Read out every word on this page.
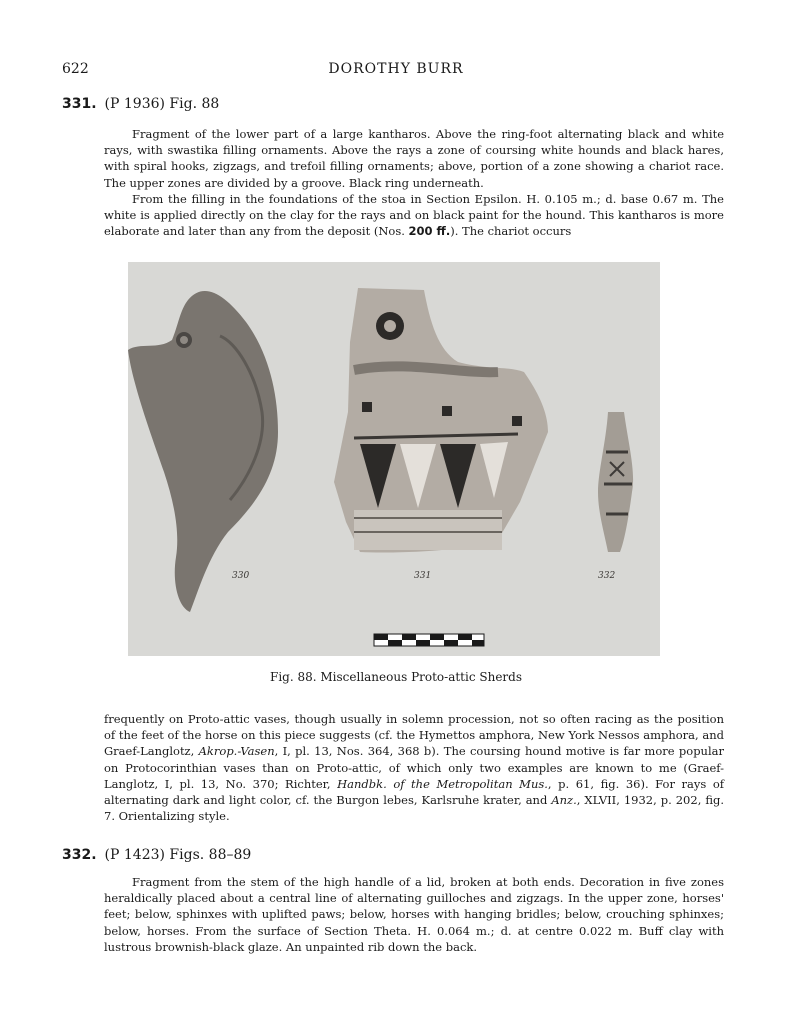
622	DOROTHY BURR
331. (P 1936) Fig. 88

Fragment of the lower part of a large kantharos. Above the ring-foot alternating black and white rays, with swastika filling ornaments. Above the rays a zone of coursing white hounds and black hares, with spiral hooks, zigzags, and trefoil filling ornaments; above, portion of a zone showing a chariot race. The upper zones are divided by a groove. Black ring underneath.

From the filling in the foundations of the stoa in Section Epsilon. H. 0.105 m.; d. base 0.67 m. The white is applied directly on the clay for the rays and on black paint for the hound. This kantharos is more elaborate and later than any from the deposit (Nos. 200 ff.). The chariot occurs

330	331	332
Fig. 88. Miscellaneous Proto-attic Sherds

frequently on Proto-attic vases, though usually in solemn procession, not so often racing as the position of the feet of the horse on this piece suggests (cf. the Hymettos amphora, New York Nessos amphora, and Graef-Langlotz, Akrop.-Vasen, I, pl. 13, Nos. 364, 368 b). The coursing hound motive is far more popular on Protocorinthian vases than on Proto-attic, of which only two examples are known to me (Graef-Langlotz, I, pl. 13, No. 370; Richter, Handbk. of the Metropolitan Mus., p. 61, fig. 36). For rays of alternating dark and light color, cf. the Burgon lebes, Karlsruhe krater, and Anz., XLVII, 1932, p. 202, fig. 7. Orientalizing style.

332. (P 1423) Figs. 88–89

Fragment from the stem of the high handle of a lid, broken at both ends. Decoration in five zones heraldically placed about a central line of alternating guilloches and zigzags. In the upper zone, horses' feet; below, sphinxes with uplifted paws; below, horses with hanging bridles; below, crouching sphinxes; below, horses. From the surface of Section Theta. H. 0.064 m.; d. at centre 0.022 m. Buff clay with lustrous brownish-black glaze. An unpainted rib down the back.
